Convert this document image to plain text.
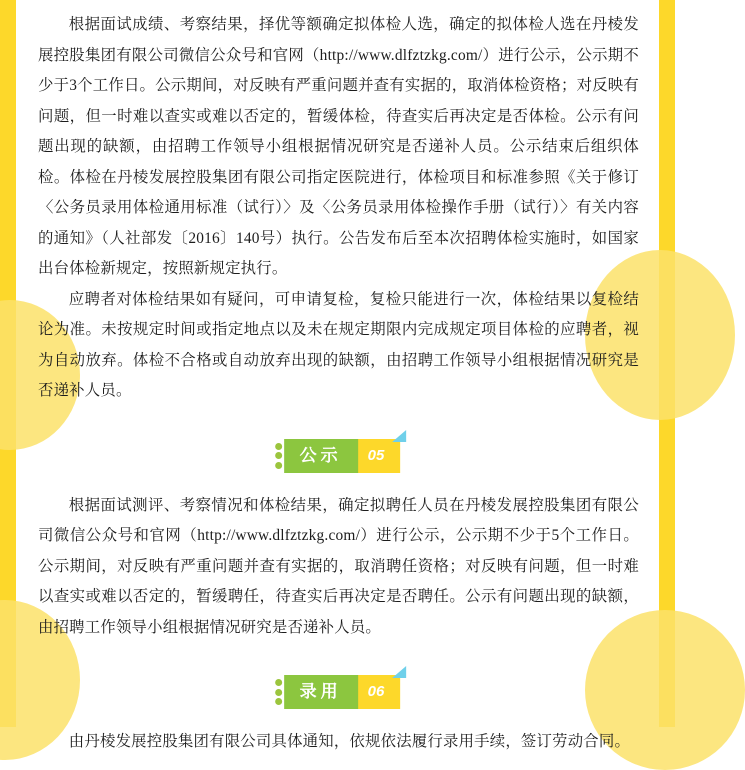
根据面试成绩、考察结果，择优等额确定拟体检人选，确定的拟体检人选在丹棱发展控股集团有限公司微信公众号和官网（http://www.dlfztzkg.com/）进行公示，公示期不少于3个工作日。公示期间，对反映有严重问题并查有实据的，取消体检资格；对反映有问题，但一时难以查实或难以否定的，暂缓体检，待查实后再决定是否体检。公示有问题出现的缺额，由招聘工作领导小组根据情况研究是否递补人员。公示结束后组织体检。体检在丹棱发展控股集团有限公司指定医院进行，体检项目和标准参照《关于修订〈公务员录用体检通用标准（试行）〉及〈公务员录用体检操作手册（试行）〉有关内容的通知》（人社部发〔2016〕140号）执行。公告发布后至本次招聘体检实施时，如国家出台体检新规定，按照新规定执行。

应聘者对体检结果如有疑问，可申请复检，复检只能进行一次，体检结果以复检结论为准。未按规定时间或指定地点以及未在规定期限内完成规定项目体检的应聘者，视为自动放弃。体检不合格或自动放弃出现的缺额，由招聘工作领导小组根据情况研究是否递补人员。

公示	05

根据面试测评、考察情况和体检结果，确定拟聘任人员在丹棱发展控股集团有限公司微信公众号和官网（http://www.dlfztzkg.com/）进行公示，公示期不少于5个工作日。公示期间，对反映有严重问题并查有实据的，取消聘任资格；对反映有问题，但一时难以查实或难以否定的，暂缓聘任，待查实后再决定是否聘任。公示有问题出现的缺额，由招聘工作领导小组根据情况研究是否递补人员。

录用	06

由丹棱发展控股集团有限公司具体通知，依规依法履行录用手续，签订劳动合同。
